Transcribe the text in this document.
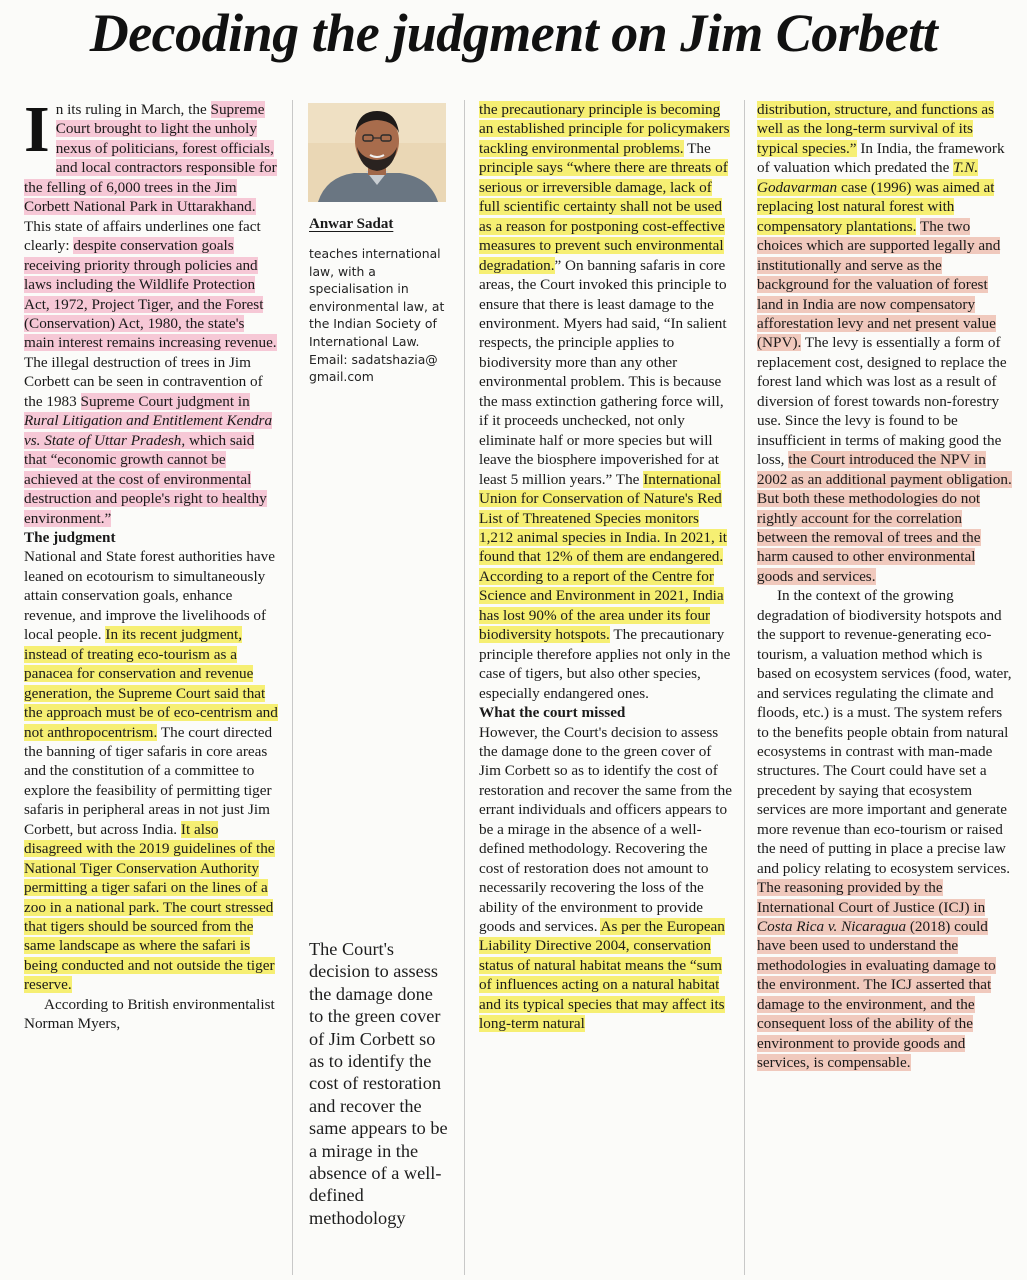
Decoding the judgment on Jim Corbett

In its ruling in March, the Supreme Court brought to light the unholy nexus of politicians, forest officials, and local contractors responsible for the felling of 6,000 trees in the Jim Corbett National Park in Uttarakhand. This state of affairs underlines one fact clearly: despite conservation goals receiving priority through policies and laws including the Wildlife Protection Act, 1972, Project Tiger, and the Forest (Conservation) Act, 1980, the state's main interest remains increasing revenue. The illegal destruction of trees in Jim Corbett can be seen in contravention of the 1983 Supreme Court judgment in Rural Litigation and Entitlement Kendra vs. State of Uttar Pradesh, which said that “economic growth cannot be achieved at the cost of environmental destruction and people's right to healthy environment.”

The judgment

National and State forest authorities have leaned on ecotourism to simultaneously attain conservation goals, enhance revenue, and improve the livelihoods of local people. In its recent judgment, instead of treating eco-tourism as a panacea for conservation and revenue generation, the Supreme Court said that the approach must be of eco-centrism and not anthropocentrism. The court directed the banning of tiger safaris in core areas and the constitution of a committee to explore the feasibility of permitting tiger safaris in peripheral areas in not just Jim Corbett, but across India. It also disagreed with the 2019 guidelines of the National Tiger Conservation Authority permitting a tiger safari on the lines of a zoo in a national park. The court stressed that tigers should be sourced from the same landscape as where the safari is being conducted and not outside the tiger reserve.

According to British environmentalist Norman Myers,

Anwar Sadat
teaches international law, with a specialisation in environmental law, at the Indian Society of International Law. Email: sadatshazia@ gmail.com
The Court's decision to assess the damage done to the green cover of Jim Corbett so as to identify the cost of restoration and recover the same appears to be a mirage in the absence of a well-defined methodology

the precautionary principle is becoming an established principle for policymakers tackling environmental problems. The principle says “where there are threats of serious or irreversible damage, lack of full scientific certainty shall not be used as a reason for postponing cost-effective measures to prevent such environmental degradation.” On banning safaris in core areas, the Court invoked this principle to ensure that there is least damage to the environment. Myers had said, “In salient respects, the principle applies to biodiversity more than any other environmental problem. This is because the mass extinction gathering force will, if it proceeds unchecked, not only eliminate half or more species but will leave the biosphere impoverished for at least 5 million years.” The International Union for Conservation of Nature's Red List of Threatened Species monitors 1,212 animal species in India. In 2021, it found that 12% of them are endangered. According to a report of the Centre for Science and Environment in 2021, India has lost 90% of the area under its four biodiversity hotspots. The precautionary principle therefore applies not only in the case of tigers, but also other species, especially endangered ones.

What the court missed

However, the Court's decision to assess the damage done to the green cover of Jim Corbett so as to identify the cost of restoration and recover the same from the errant individuals and officers appears to be a mirage in the absence of a well-defined methodology. Recovering the cost of restoration does not amount to necessarily recovering the loss of the ability of the environment to provide goods and services. As per the European Liability Directive 2004, conservation status of natural habitat means the “sum of influences acting on a natural habitat and its typical species that may affect its long-term natural

distribution, structure, and functions as well as the long-term survival of its typical species.” In India, the framework of valuation which predated the T.N. Godavarman case (1996) was aimed at replacing lost natural forest with compensatory plantations. The two choices which are supported legally and institutionally and serve as the background for the valuation of forest land in India are now compensatory afforestation levy and net present value (NPV). The levy is essentially a form of replacement cost, designed to replace the forest land which was lost as a result of diversion of forest towards non-forestry use. Since the levy is found to be insufficient in terms of making good the loss, the Court introduced the NPV in 2002 as an additional payment obligation. But both these methodologies do not rightly account for the correlation between the removal of trees and the harm caused to other environmental goods and services.

In the context of the growing degradation of biodiversity hotspots and the support to revenue-generating eco-tourism, a valuation method which is based on ecosystem services (food, water, and services regulating the climate and floods, etc.) is a must. The system refers to the benefits people obtain from natural ecosystems in contrast with man-made structures. The Court could have set a precedent by saying that ecosystem services are more important and generate more revenue than eco-tourism or raised the need of putting in place a precise law and policy relating to ecosystem services. The reasoning provided by the International Court of Justice (ICJ) in Costa Rica v. Nicaragua (2018) could have been used to understand the methodologies in evaluating damage to the environment. The ICJ asserted that damage to the environment, and the consequent loss of the ability of the environment to provide goods and services, is compensable.
